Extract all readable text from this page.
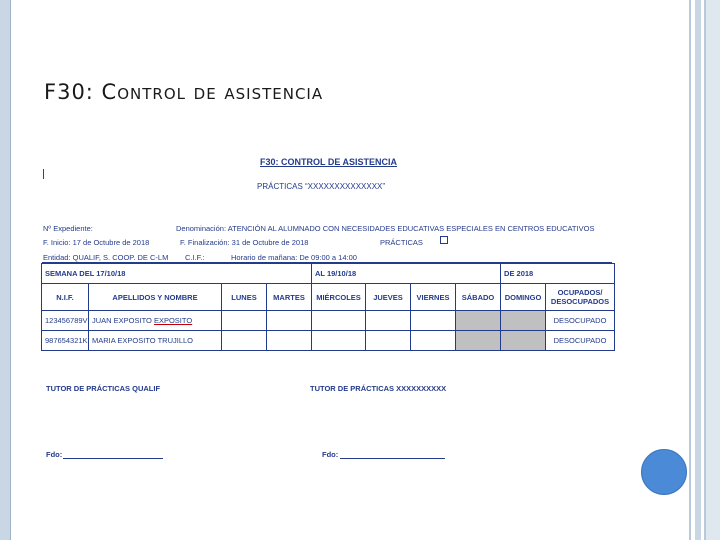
F30: Control de asistencia
F30: CONTROL DE ASISTENCIA
PRÁCTICAS “XXXXXXXXXXXXXX”
Nº Expediente:	Denominación: ATENCIÓN AL ALUMNADO CON NECESIDADES EDUCATIVAS ESPECIALES EN CENTROS EDUCATIVOS
F. Inicio: 17 de Octubre de 2018	F. Finalización: 31 de Octubre de 2018	PRÁCTICAS
Entidad: QUALIF, S. COOP. DE C-LM C.I.F.:	Horario de mañana: De 09:00 a 14:00
SEMANA DEL 17/10/18				AL 19/10/18				DE 2018	
N.I.F.	APELLIDOS Y NOMBRE	LUNES	MARTES	MIÉRCOLES	JUEVES	VIERNES	SÁBADO	DOMINGO	OCUPADOS/ DESOCUPADOS
123456789V	JUAN EXPOSITO EXPOSITO								DESOCUPADO
987654321K	MARIA EXPOSITO TRUJILLO								DESOCUPADO
TUTOR DE PRÁCTICAS QUALIF	TUTOR DE PRÁCTICAS XXXXXXXXXX
Fdo:	Fdo:
